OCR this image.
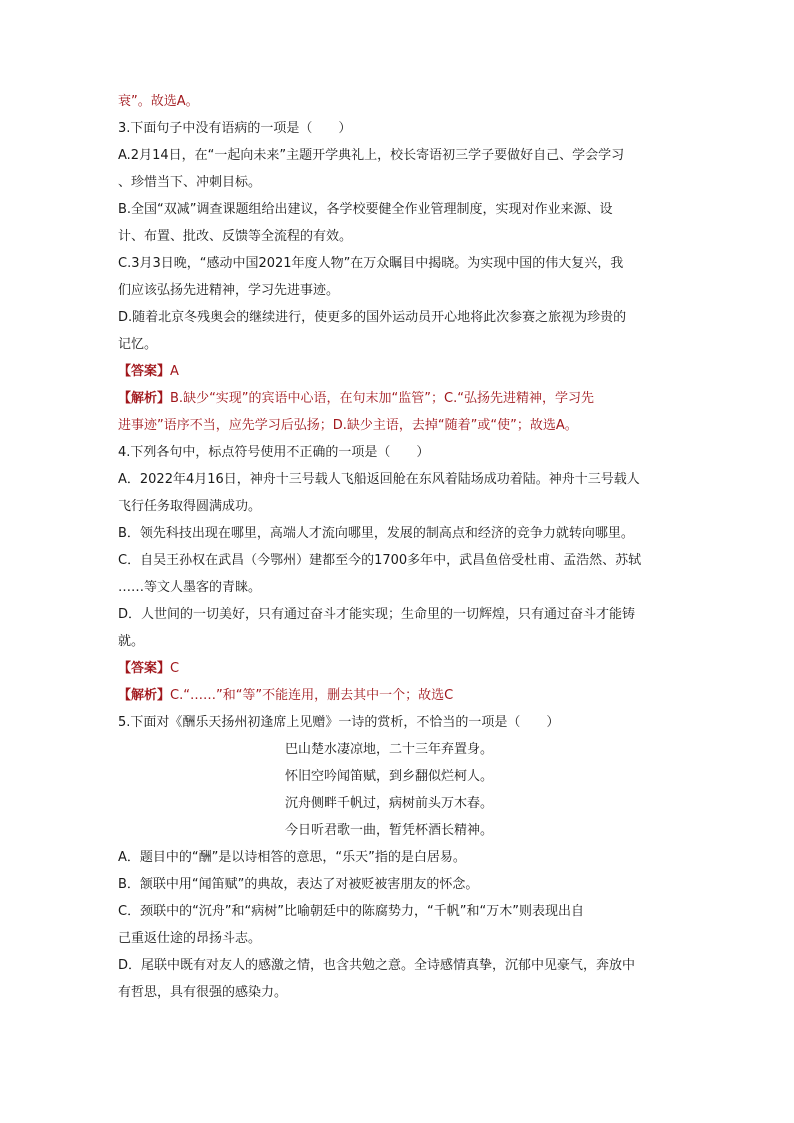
衰”。故选A。
3.下面句子中没有语病的一项是（　　）
A.2月14日，在“一起向未来”主题开学典礼上，校长寄语初三学子要做好自己、学会学习
、珍惜当下、冲刺目标。
B.全国“双减”调查课题组给出建议，各学校要健全作业管理制度，实现对作业来源、设
计、布置、批改、反馈等全流程的有效。
C.3月3日晚，“感动中国2021年度人物”在万众瞩目中揭晓。为实现中国的伟大复兴，我
们应该弘扬先进精神，学习先进事迹。
D.随着北京冬残奥会的继续进行，使更多的国外运动员开心地将此次参赛之旅视为珍贵的
记忆。
【答案】A
【解析】B.缺少“实现”的宾语中心语，在句末加“监管”；C.“弘扬先进精神，学习先
进事迹”语序不当，应先学习后弘扬；D.缺少主语，去掉“随着”或“使”；故选A。
4.下列各句中，标点符号使用不正确的一项是（　　）
A．2022年4月16日，神舟十三号载人飞船返回舱在东风着陆场成功着陆。神舟十三号载人
飞行任务取得圆满成功。
B．领先科技出现在哪里，高端人才流向哪里，发展的制高点和经济的竞争力就转向哪里。
C．自吴王孙权在武昌（今鄂州）建都至今的1700多年中，武昌鱼倍受杜甫、孟浩然、苏轼
……等文人墨客的青睐。
D．人世间的一切美好，只有通过奋斗才能实现；生命里的一切辉煌，只有通过奋斗才能铸
就。
【答案】C
【解析】C.“……”和“等”不能连用，删去其中一个；故选C
5.下面对《酬乐天扬州初逢席上见赠》一诗的赏析，不恰当的一项是（　　）
巴山楚水凄凉地，二十三年弃置身。
怀旧空吟闻笛赋，到乡翻似烂柯人。
沉舟侧畔千帆过，病树前头万木春。
今日听君歌一曲，暂凭杯酒长精神。
A．题目中的“酬”是以诗相答的意思，“乐天”指的是白居易。
B．颔联中用“闻笛赋”的典故，表达了对被贬被害朋友的怀念。
C．颈联中的“沉舟”和“病树”比喻朝廷中的陈腐势力，“千帆”和“万木”则表现出自
己重返仕途的昂扬斗志。
D．尾联中既有对友人的感激之情，也含共勉之意。全诗感情真挚，沉郁中见豪气，奔放中
有哲思，具有很强的感染力。
